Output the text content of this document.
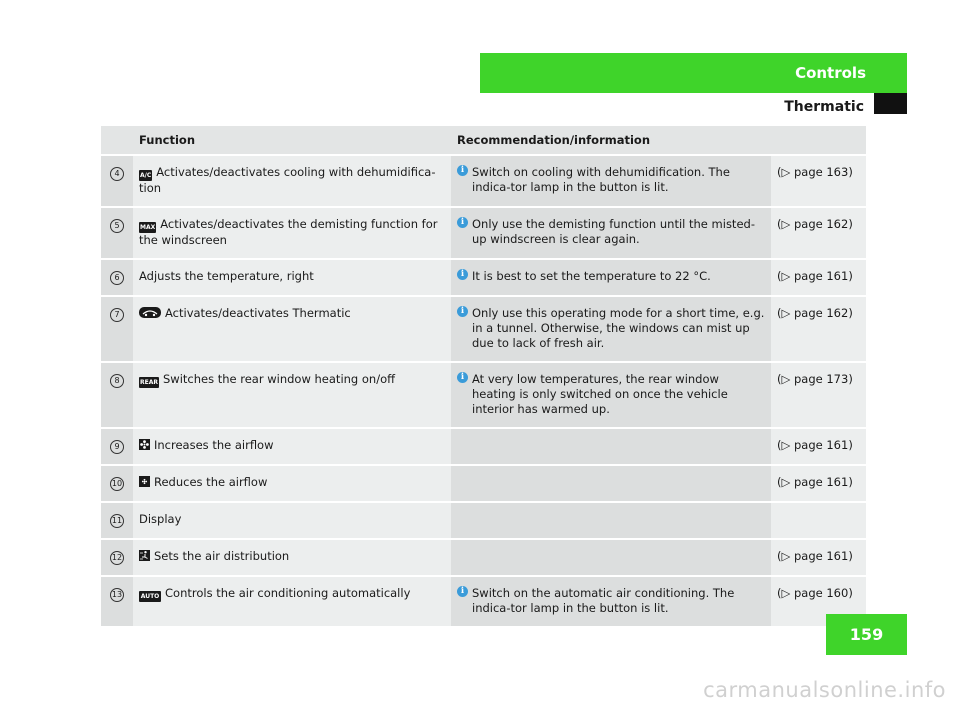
Controls
Thermatic
	Function	Recommendation/information	
4	A/C Activates/deactivates cooling with dehumidifica-tion	i Switch on cooling with dehumidification. The indica-tor lamp in the button is lit.	(▷ page 163)
5	MAX Activates/deactivates the demisting function for the windscreen	i Only use the demisting function until the misted-up windscreen is clear again.	(▷ page 162)
6	Adjusts the temperature, right	i It is best to set the temperature to 22 °C.	(▷ page 161)
7	Activates/deactivates Thermatic	i Only use this operating mode for a short time, e.g. in a tunnel. Otherwise, the windows can mist up due to lack of fresh air.	(▷ page 162)
8	REAR Switches the rear window heating on/off	i At very low temperatures, the rear window heating is only switched on once the vehicle interior has warmed up.	(▷ page 173)
9	Increases the airflow		(▷ page 161)
10	Reduces the airflow		(▷ page 161)
11	Display		
12	Sets the air distribution		(▷ page 161)
13	AUTO Controls the air conditioning automatically	i Switch on the automatic air conditioning. The indica-tor lamp in the button is lit.	(▷ page 160)
159
carmanualsonline.info
